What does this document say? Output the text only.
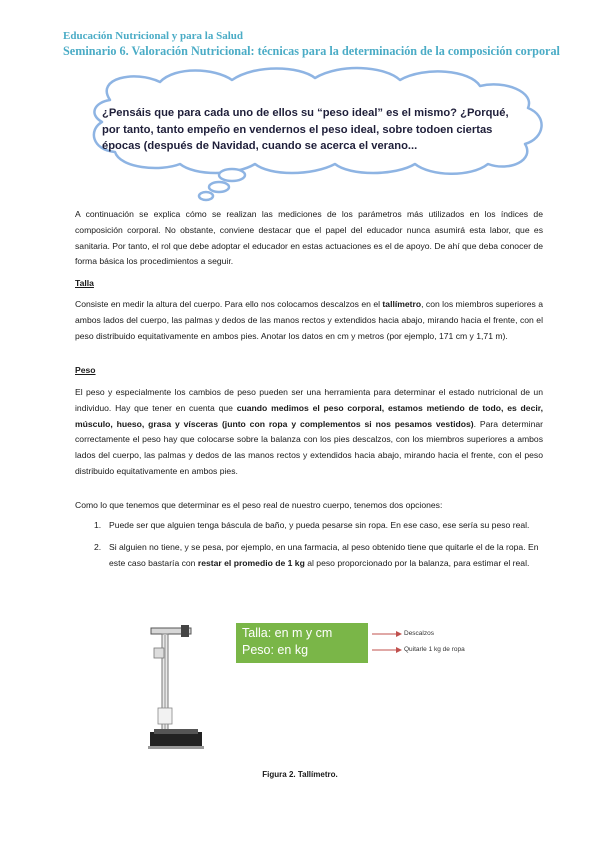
Educación Nutricional y para la Salud
Seminario 6. Valoración Nutricional: técnicas para la determinación de la composición corporal
¿Pensáis que para cada uno de ellos su “peso ideal” es el mismo? ¿Porqué, por tanto, tanto empeño en vendernos el peso ideal, sobre todoen ciertas épocas (después de Navidad, cuando se acerca el verano...
A continuación se explica cómo se realizan las mediciones de los parámetros más utilizados en los índices de composición corporal. No obstante, conviene destacar que el papel del educador nunca asumirá esta labor, que es sanitaria. Por tanto, el rol que debe adoptar el educador en estas actuaciones es el de apoyo. De ahí que deba conocer de forma básica los procedimientos a seguir.
Talla
Consiste en medir la altura del cuerpo. Para ello nos colocamos descalzos en el tallímetro, con los miembros superiores a ambos lados del cuerpo, las palmas y dedos de las manos rectos y extendidos hacia abajo, mirando hacia el frente, con el peso distribuido equitativamente en ambos pies. Anotar los datos en cm y metros (por ejemplo, 171 cm y 1,71 m).
Peso
El peso y especialmente los cambios de peso pueden ser una herramienta para determinar el estado nutricional de un individuo. Hay que tener en cuenta que cuando medimos el peso corporal, estamos metiendo de todo, es decir, músculo, hueso, grasa y vísceras (junto con ropa y complementos si nos pesamos vestidos). Para determinar correctamente el peso hay que colocarse sobre la balanza con los pies descalzos, con los miembros superiores a ambos lados del cuerpo, las palmas y dedos de las manos rectos y extendidos hacia abajo, mirando hacia el frente, con el peso distribuido equitativamente en ambos pies.
Como lo que tenemos que determinar es el peso real de nuestro cuerpo, tenemos dos opciones:
1. Puede ser que alguien tenga báscula de baño, y pueda pesarse sin ropa. En ese caso, ese sería su peso real.
2. Si alguien no tiene, y se pesa, por ejemplo, en una farmacia, al peso obtenido tiene que quitarle el de la ropa. En este caso bastaría con restar el promedio de 1 kg al peso proporcionado por la balanza, para estimar el real.
Talla: en m y cm
Peso: en kg
Descalzos
Quitarle 1 kg de ropa
Figura 2. Tallímetro.
